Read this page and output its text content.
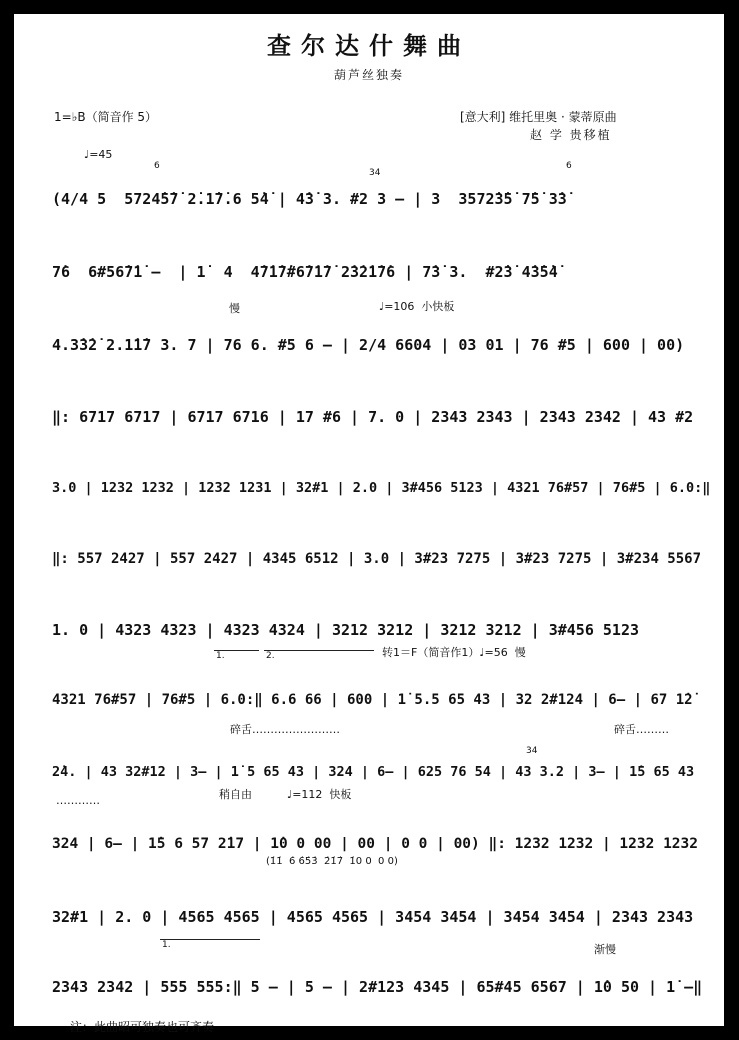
查尔达什舞曲
葫芦丝独奏
1=♭B（简音作 5）	[意大利] 维托里奥 · 蒙蒂原曲
赵 学 贵移植
♩=45
慢	♩=106  小快板
转1＝F（简音作1）♩=56  慢
碎舌……………………	碎舌………
…………	稍自由	♩=112  快板
渐慢
6	6
34
34
1.	2.
1.
(4/4 5  5724̇5̇7̇ 2̇.1̇7̇.6 5̇4̇ | 4̇3̇ 3. #2 3 – | 3  3572̇3̇5̇ 7̇5̇ 3̇3̇
7̇6  6#56̇7̇1̇ –  | 1̇  4  4̇7̇1̇7̇#6̇7̇1̇7̇ 2̇3̇2̇1̇7̇6 | 7̇3̇ 3.  #2̇3̇ 4̇3̇5̇4̇
4.3̇3̇2̇ 2.1̇1̇7 3. 7 | 76 6. #5 6 – | 2/4 6604 | 03 01 | 76 #5 | 600 | 00)
‖: 6717 6717 | 6717 6716 | 17 #6 | 7. 0 | 2343 2343 | 2343 2342 | 43 #2
3.0 | 1232 1232 | 1232 1231 | 32#1 | 2.0 | 3#456 5123 | 4321 76#57 | 76#5 | 6.0:‖
‖: 557 2427 | 557 2427 | 4345 6512 | 3.0 | 3#23 7275 | 3#23 7275 | 3#234 5567
1. 0 | 4323 4323 | 4323 4324 | 3212 3212 | 3212 3212 | 3#456 5123
4321 76#57 | 76#5 | 6.0:‖ 6.6 66 | 600 | 1̇ 5.5 65 43 | 32 2#124 | 6– | 67 1̇2̇
2̇4. | 43 32#12 | 3– | 1̇ 5 65 43 | 324 | 6– | 625 76 54 | 43 3.2 | 3– | 1̇5 65 43
324 | 6– | 1̇5 6 57 2̇17 | 1̇0 0 00 | 00 | 0 0 | 00) ‖: 1232 1232 | 1232 1232
(1̇1̇  6̇ 6̇5̇3̇  2̇1̇7̇  1̇0 0  0 0)
32#1 | 2. 0 | 4565 4565 | 4565 4565 | 3454 3454 | 3454 3454 | 2343 2343
2343 2342 | 555 555:‖ 5 – | 5 – | 2#123 4345 | 65#45 6567 | 1̇0 50 | 1̇ –‖
注：此曲昭可独奏也可齐奏
